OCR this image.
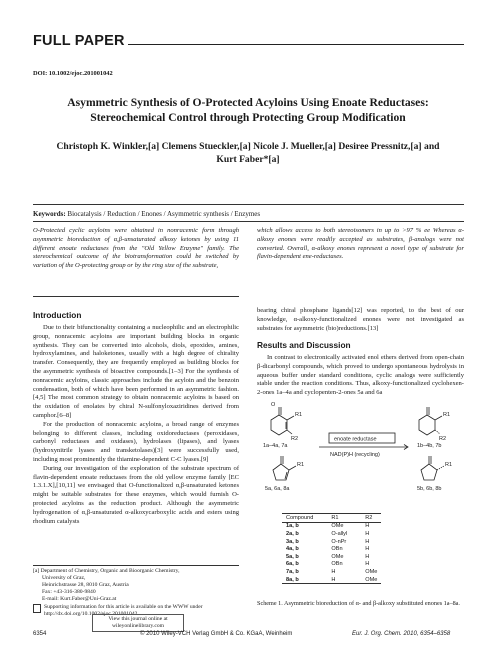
FULL PAPER
DOI: 10.1002/ejoc.201001042
Asymmetric Synthesis of O-Protected Acyloins Using Enoate Reductases:
Stereochemical Control through Protecting Group Modification
Christoph K. Winkler,[a] Clemens Stueckler,[a] Nicole J. Mueller,[a] Desiree Pressnitz,[a] and
Kurt Faber*[a]
Keywords: Biocatalysis / Reduction / Enones / Asymmetric synthesis / Enzymes
O-Protected cyclic acyloins were obtained in nonracemic form through asymmetric bioreduction of α,β-unsaturated alkoxy ketones by using 11 different enoate reductases from the "Old Yellow Enzyme" family. The stereochemical outcome of the biotransformation could be switched by variation of the O-protecting group or by the ring size of the substrate,
which allows access to both stereoisomers in up to >97 % ee Whereas α-alkoxy enones were readily accepted as substrates, β-analogs were not converted. Overall, α-alkoxy enones represent a novel type of substrate for flavin-dependent ene-reductases.
Introduction
Due to their bifunctionality containing a nucleophilic and an electrophilic group, nonracemic acyloins are important building blocks in organic synthesis. They can be converted into alcohols, diols, epoxides, amines, hydroxylamines, and haloketones, usually with a high degree of chirality transfer. Consequently, they are frequently employed as building blocks for the asymmetric synthesis of bioactive compounds.[1–3] For the synthesis of nonracemic acyloins, classic approaches include the acyloin and the benzoin condensation, both of which have been performed in an asymmetric fashion.[4,5] The most common strategy to obtain nonracemic acyloins is based on the oxidation of enolates by chiral N-sulfonyloxaziridines derived from camphor.[6–8]
For the production of nonracemic acyloins, a broad range of enzymes belonging to different classes, including oxidoreductases (peroxidases, carbonyl reductases and oxidases), hydrolases (lipases), and lyases (hydroxynitrile lyases and transketolases)[3] were successfully used, including most prominently the thiamine-dependent C-C lyases.[9]
During our investigation of the exploration of the substrate spectrum of flavin-dependent enoate reductases from the old yellow enzyme family [EC 1.3.1.X],[10,11] we envisaged that O-functionalized α,β-unsaturated ketones might be suitable substrates for these enzymes, which would furnish O-protected acyloins as the reduction product. Although the asymmetric hydrogenation of α,β-unsaturated α-alkoxycarboxylic acids and esters using rhodium catalysts
[a] Department of Chemistry, Organic and Bioorganic Chemistry,
University of Graz,
Heinrichstrasse 28, 8010 Graz, Austria
Fax: +43-316-380-9840
E-mail: Kurt.Faber@Uni-Graz.at
Supporting information for this article is available on the WWW under http://dx.doi.org/10.1002/ejoc.201001042.
View this journal online at
wileyonlinelibrary.com
bearing chiral phosphane ligands[12] was reported, to the best of our knowledge, α-alkoxy-functionalized enones were not investigated as substrates for asymmetric (bio)reductions.[13]
Results and Discussion
In contrast to electronically activated enol ethers derived from open-chain β-dicarbonyl compounds, which proved to undergo spontaneous hydrolysis in aqueous buffer under standard conditions, cyclic analogs were sufficiently stable under the reaction conditions. Thus, alkoxy-functionalized cyclohexen-2-ones 1a–4a and cyclopenten-2-ones 5a and 6a
O
R1
R2
1a–4a, 7a
R1
R2
1b–4b, 7b
R1
5a, 6a, 8a
R1
5b, 6b, 8b
enoate reductase
NAD(P)H (recycling)
Compound	R1	R2
1a, b	OMe	H
2a, b	O-allyl	H
3a, b	O-nPr	H
4a, b	OBn	H
5a, b	OMe	H
6a, b	OBn	H
7a, b	H	OMe
8a, b	H	OMe
Scheme 1. Asymmetric bioreduction of α- and β-alkoxy substituted enones 1a–8a.
6354	© 2010 Wiley-VCH Verlag GmbH & Co. KGaA, Weinheim	Eur. J. Org. Chem. 2010, 6354–6358
